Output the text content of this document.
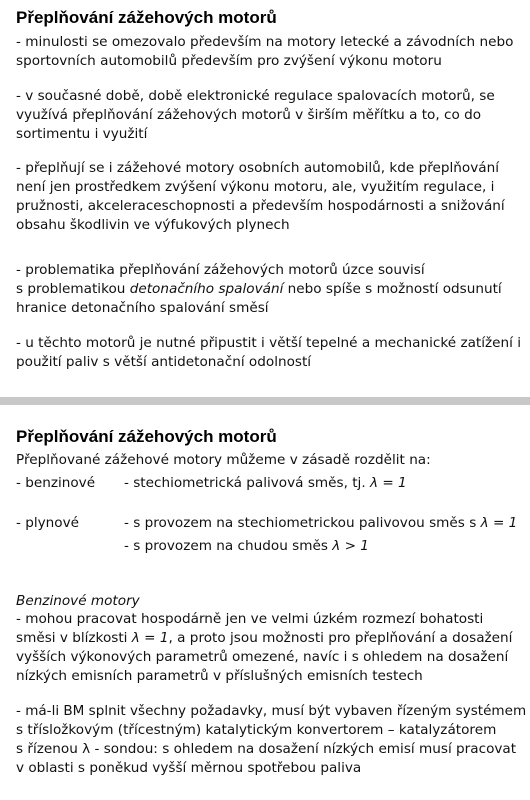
Přeplňování zážehových motorů
- minulosti se omezovalo především na motory letecké a závodních nebo
sportovních automobilů především pro zvýšení výkonu motoru
- v současné době, době elektronické regulace spalovacích motorů, se
využívá přeplňování zážehových motorů v širším měřítku a to, co do
sortimentu i využití
- přeplňují se i zážehové motory osobních automobilů, kde přeplňování
není jen prostředkem zvýšení výkonu motoru, ale, využitím regulace, i
pružnosti, akceleraceschopnosti a především hospodárnosti a snižování
obsahu škodlivin ve výfukových plynech
- problematika přeplňování zážehových motorů úzce souvisí
s problematikou detonačního spalování nebo spíše s možností odsunutí
hranice detonačního spalování směsí
- u těchto motorů je nutné připustit i větší tepelné a mechanické zatížení i
použití paliv s větší antidetonační odolností
Přeplňování zážehových motorů
Přeplňované zážehové motory můžeme v zásadě rozdělit na:
- benzinové - stechiometrická palivová směs, tj. λ = 1
- plynové	- s provozem na stechiometrickou palivovou směs s λ = 1
- s provozem na chudou směs λ > 1
Benzinové motory
- mohou pracovat hospodárně jen ve velmi úzkém rozmezí bohatosti
směsi v blízkosti λ = 1, a proto jsou možnosti pro přeplňování a dosažení
vyšších výkonových parametrů omezené, navíc i s ohledem na dosažení
nízkých emisních parametrů v příslušných emisních testech
- má-li BM splnit všechny požadavky, musí být vybaven řízeným systémem
s třísložkovým (třícestným) katalytickým konvertorem – katalyzátorem
s řízenou λ - sondou: s ohledem na dosažení nízkých emisí musí pracovat
v oblasti s poněkud vyšší měrnou spotřebou paliva
